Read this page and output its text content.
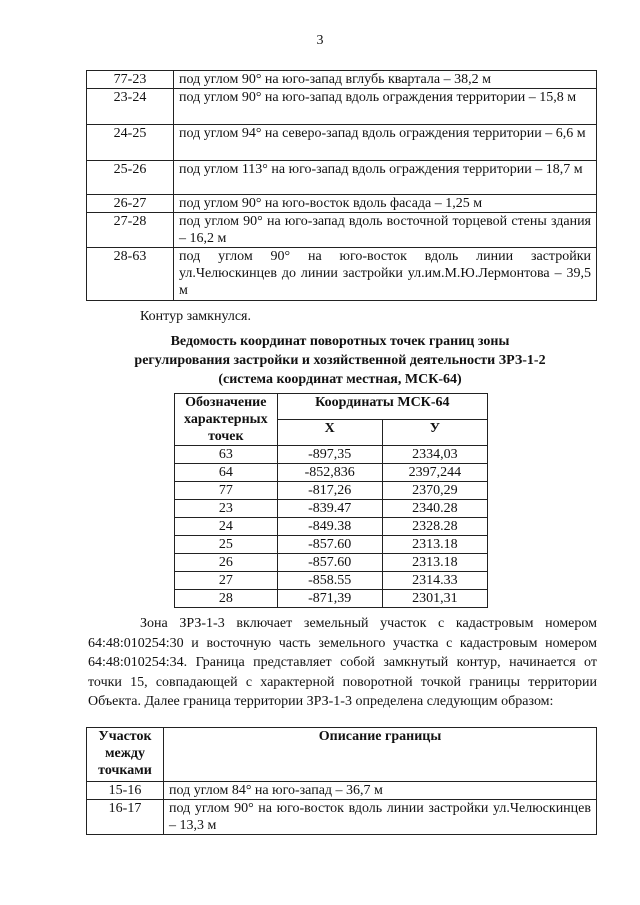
3
77-23	под углом 90° на юго-запад вглубь квартала – 38,2 м
23-24	под углом 90° на юго-запад вдоль ограждения территории – 15,8 м
24-25	под углом 94° на северо-запад вдоль ограждения территории – 6,6 м
25-26	под углом 113° на юго-запад вдоль ограждения территории – 18,7 м
26-27	под углом 90° на юго-восток вдоль фасада – 1,25 м
27-28	под углом 90° на юго-запад вдоль восточной торцевой стены здания – 16,2 м
28-63	под углом 90° на юго-восток вдоль линии застройки ул.Челюскинцев до линии застройки ул.им.М.Ю.Лермонтова – 39,5 м
Контур замкнулся.
Ведомость координат поворотных точек границ зоны
регулирования застройки и хозяйственной деятельности ЗРЗ-1-2
(система координат местная, МСК-64)
Обозначение характерных точек	Координаты МСК-64	
	X	У
63	-897,35	2334,03
64	-852,836	2397,244
77	-817,26	2370,29
23	-839.47	2340.28
24	-849.38	2328.28
25	-857.60	2313.18
26	-857.60	2313.18
27	-858.55	2314.33
28	-871,39	2301,31
Зона ЗРЗ-1-3 включает земельный участок с кадастровым номером 64:48:010254:30 и восточную часть земельного участка с кадастровым номером 64:48:010254:34. Граница представляет собой замкнутый контур, начинается от точки 15, совпадающей с характерной поворотной точкой границы территории Объекта. Далее граница территории ЗРЗ-1-3 определена следующим образом:
Участок между точками	Описание границы
15-16	под углом 84° на юго-запад – 36,7 м
16-17	под углом 90° на юго-восток вдоль линии застройки ул.Челюскинцев – 13,3 м
